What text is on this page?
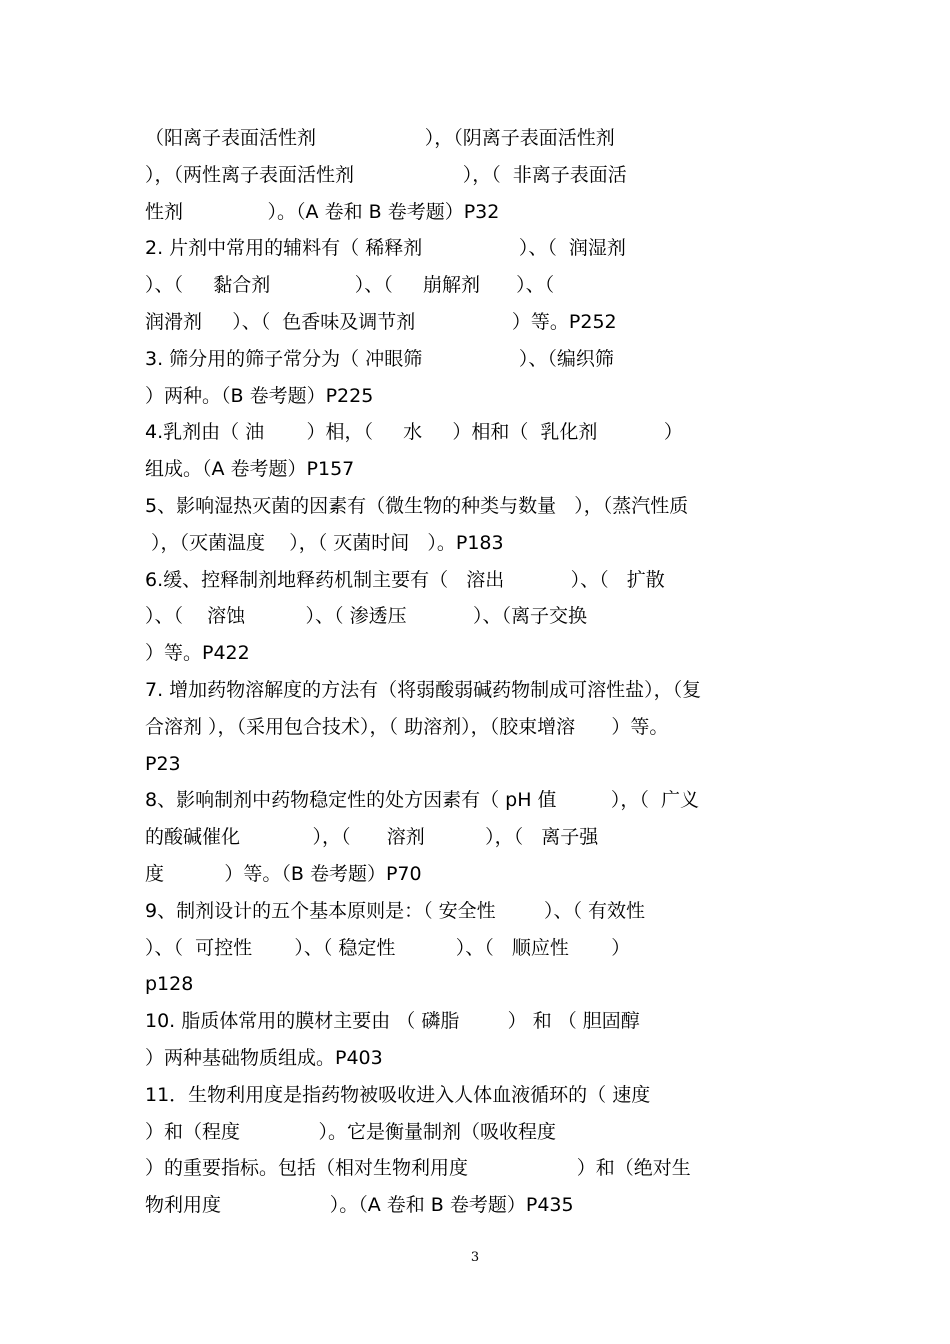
（阳离子表面活性剂                  ），（阴离子表面活性剂
），（两性离子表面活性剂                  ），（  非离子表面活
性剂              ）。（A 卷和 B 卷考题）P32
2. 片剂中常用的辅料有（ 稀释剂                ）、（  润湿剂
）、（     黏合剂              ）、（     崩解剂      ）、（
润滑剂     ）、（  色香味及调节剂                ）等。P252
3. 筛分用的筛子常分为（ 冲眼筛                ）、（编织筛
）两种。（B 卷考题）P225
4.乳剂由（ 油       ）相，（     水     ）相和（  乳化剂           ）
组成。（A 卷考题）P157
5、影响湿热灭菌的因素有（微生物的种类与数量   ），（蒸汽性质
），（灭菌温度    ），（ 灭菌时间   ）。P183
6.缓、控释制剂地释药机制主要有（   溶出           ）、（   扩散
）、（    溶蚀          ）、（ 渗透压           ）、（离子交换
）等。P422
7. 增加药物溶解度的方法有（将弱酸弱碱药物制成可溶性盐），（复
合溶剂 ），（采用包合技术），（ 助溶剂），（胶束增溶      ）等。
P23
8、影响制剂中药物稳定性的处方因素有（ pH 值         ），（  广义
的酸碱催化            ），（      溶剂          ），（   离子强
度          ）等。（B 卷考题）P70
9、制剂设计的五个基本原则是：（ 安全性        ）、（ 有效性
）、（  可控性       ）、（ 稳定性          ）、（   顺应性       ）
p128
10. 脂质体常用的膜材主要由 （ 磷脂        ） 和 （ 胆固醇
）两种基础物质组成。P403
11．生物利用度是指药物被吸收进入人体血液循环的（ 速度
）和（程度             ）。它是衡量制剂（吸收程度
）的重要指标。包括（相对生物利用度                  ）和（绝对生
物利用度                  ）。（A 卷和 B 卷考题）P435
3
